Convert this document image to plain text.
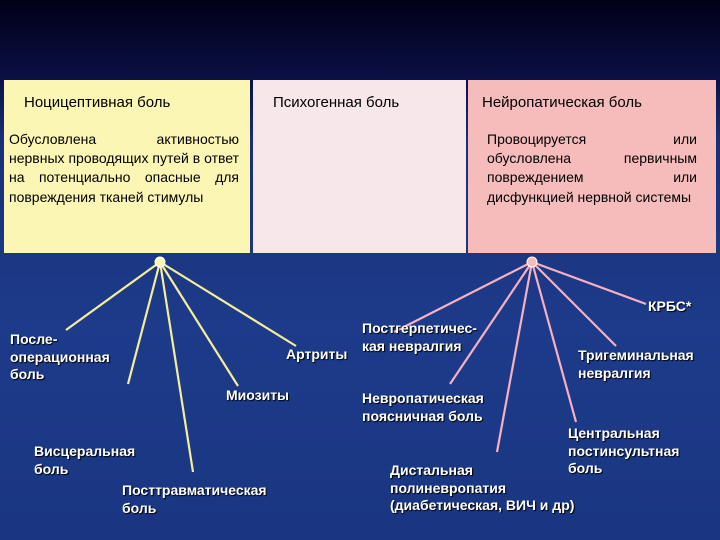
Ноцицептивная боль
Обусловлена активностью нервных проводящих путей в ответ на потенциально опасные для повреждения тканей стимулы
Психогенная боль	Нейропатическая боль
Провоцируется или обусловлена первичным повреждением или дисфункцией нервной системы
После-операционная боль
Висцеральная боль
Посттравматическая боль
Миозиты
Артриты
Постгерпетичес-кая невралгия
Невропатическая поясничная боль
Дистальная полиневропатия (диабетическая, ВИЧ и др)
Центральная постинсультная боль
Тригеминальная невралгия
КРБС*
